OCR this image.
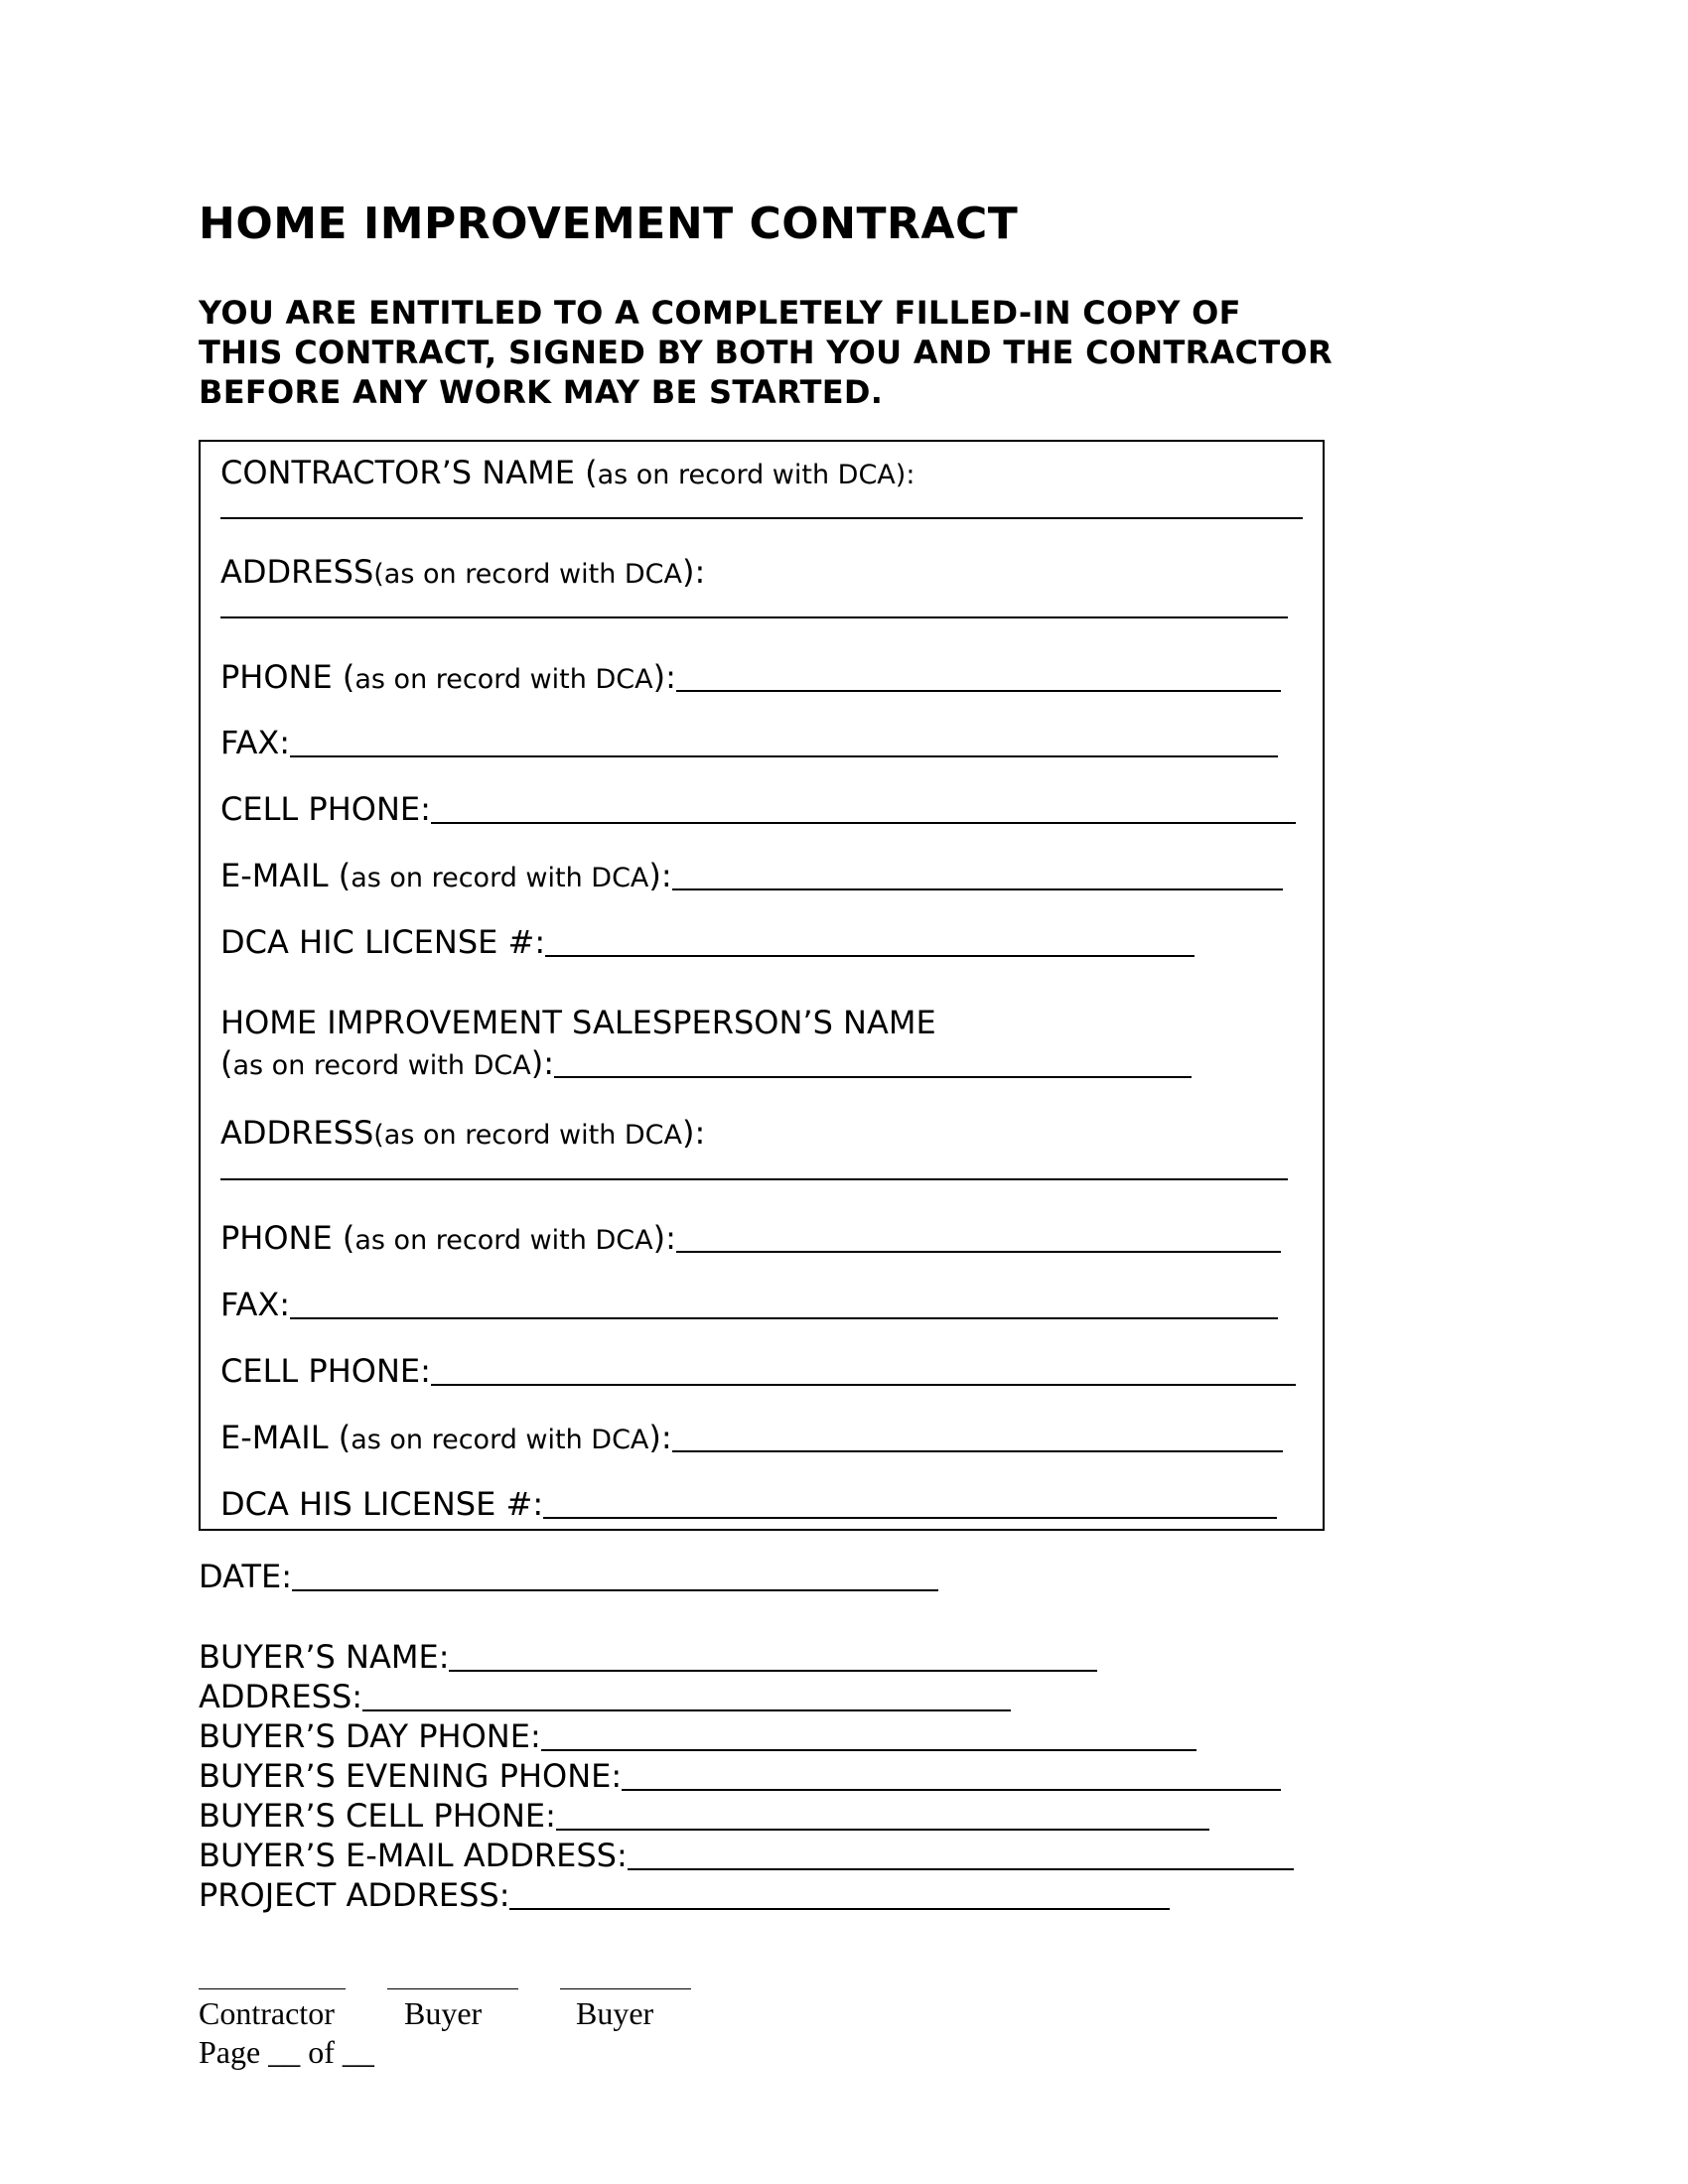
HOME IMPROVEMENT CONTRACT
YOU ARE ENTITLED TO A COMPLETELY FILLED-IN COPY OF
THIS CONTRACT, SIGNED BY BOTH YOU AND THE CONTRACTOR
BEFORE ANY WORK MAY BE STARTED.
CONTRACTOR’S NAME ( as on record with DCA ):
ADDRESS (as on record with DCA ):
PHONE ( as on record with DCA ):
FAX:
CELL PHONE:
E-MAIL ( as on record with DCA ):
DCA HIC LICENSE #:
HOME IMPROVEMENT SALESPERSON’S NAME
( as on record with DCA ):
ADDRESS (as on record with DCA ):
PHONE ( as on record with DCA ):
FAX:
CELL PHONE:
E-MAIL ( as on record with DCA ):
DCA HIS LICENSE #:
DATE:
BUYER’S NAME:
ADDRESS:
BUYER’S DAY PHONE:
BUYER’S EVENING PHONE:
BUYER’S CELL PHONE:
BUYER’S E-MAIL ADDRESS:
PROJECT ADDRESS:
Contractor Buyer	Buyer
Page __ of __
